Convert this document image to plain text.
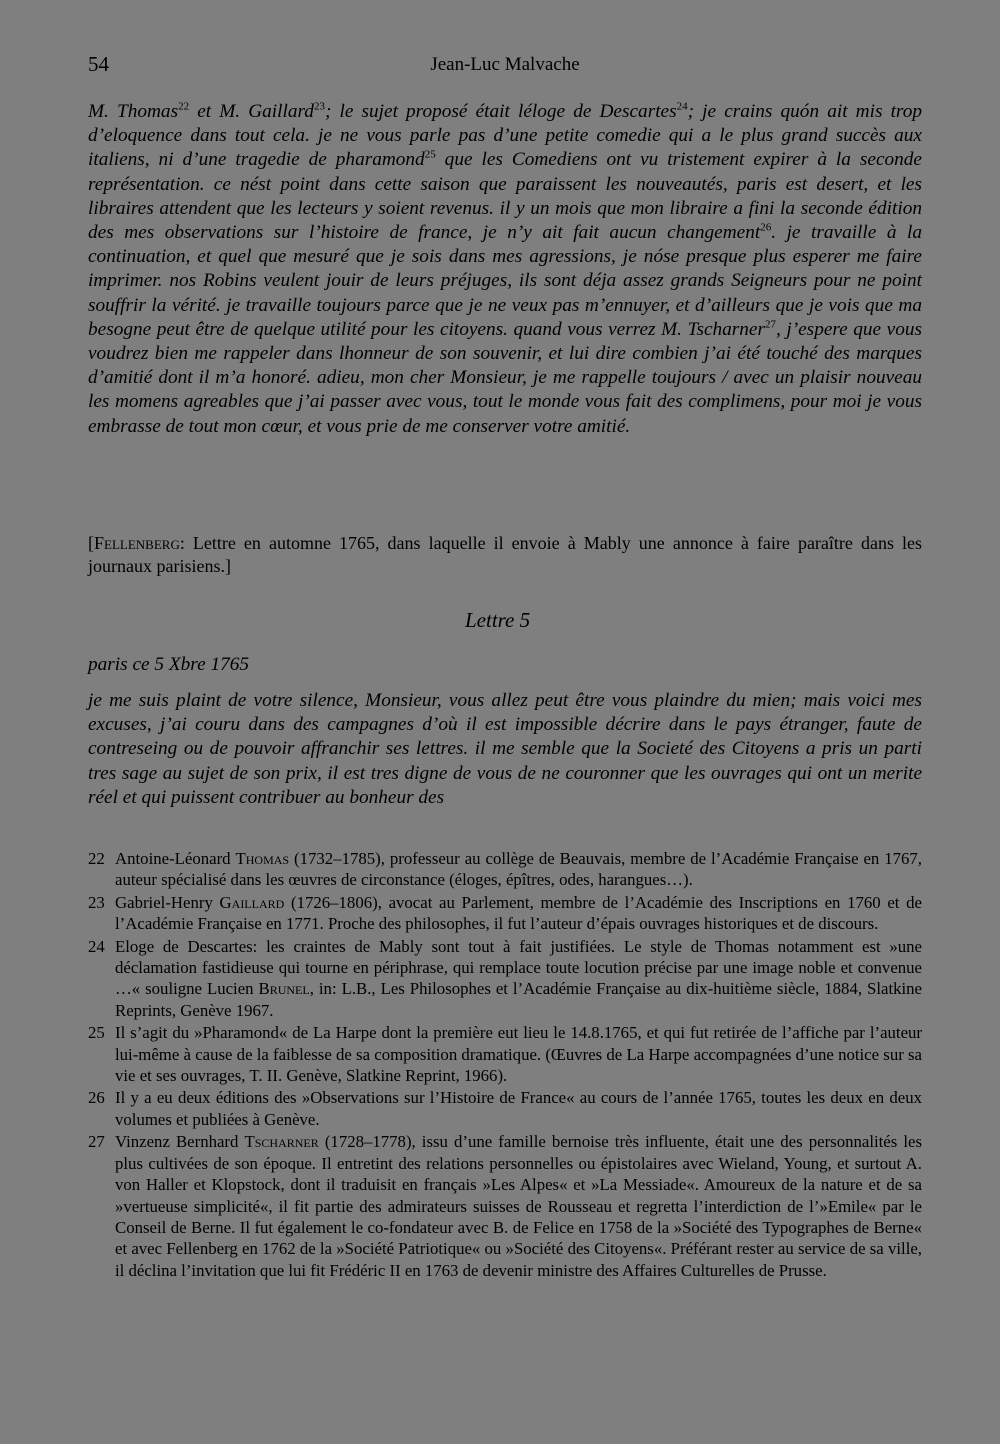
54	Jean-Luc Malvache

M. Thomas$^{22}$ et M. Gaillard$^{23}$; le sujet proposé était léloge de Descartes$^{24}$; je crains quón ait mis trop d’eloquence dans tout cela. je ne vous parle pas d’une petite comedie qui a le plus grand succès aux italiens, ni d’une tragedie de pharamond$^{25}$ que les Comediens ont vu tristement expirer à la seconde représentation. ce nést point dans cette saison que paraissent les nouveautés, paris est desert, et les libraires attendent que les lecteurs y soient revenus. il y un mois que mon libraire a fini la seconde édition des mes observations sur l’histoire de france, je n’y ait fait aucun changement$^{26}$. je travaille à la continuation, et quel que mesuré que je sois dans mes agressions, je nóse presque plus esperer me faire imprimer. nos Robins veulent jouir de leurs préjuges, ils sont déja assez grands Seigneurs pour ne point souffrir la vérité. je travaille toujours parce que je ne veux pas m’ennuyer, et d’ailleurs que je vois que ma besogne peut être de quelque utilité pour les citoyens. quand vous verrez M. Tscharner$^{27}$, j’espere que vous voudrez bien me rappeler dans lhonneur de son souvenir, et lui dire combien j’ai été touché des marques d’amitié dont il m’a honoré. adieu, mon cher Monsieur, je me rappelle toujours / avec un plaisir nouveau les momens agreables que j’ai passer avec vous, tout le monde vous fait des complimens, pour moi je vous embrasse de tout mon cœur, et vous prie de me conserver votre amitié.

[Fellenberg: Lettre en automne 1765, dans laquelle il envoie à Mably une annonce à faire paraître dans les journaux parisiens.]

Lettre 5

paris ce 5 Xbre 1765

je me suis plaint de votre silence, Monsieur, vous allez peut être vous plaindre du mien; mais voici mes excuses, j’ai couru dans des campagnes d’où il est impossible décrire dans le pays étranger, faute de contreseing ou de pouvoir affranchir ses lettres. il me semble que la Societé des Citoyens a pris un parti tres sage au sujet de son prix, il est tres digne de vous de ne couronner que les ouvrages qui ont un merite réel et qui puissent contribuer au bonheur des

22 Antoine-Léonard Thomas (1732–1785), professeur au collège de Beauvais, membre de l’Académie Française en 1767, auteur spécialisé dans les œuvres de circonstance (éloges, épîtres, odes, harangues…).
23 Gabriel-Henry Gaillard (1726–1806), avocat au Parlement, membre de l’Académie des Inscriptions en 1760 et de l’Académie Française en 1771. Proche des philosophes, il fut l’auteur d’épais ouvrages historiques et de discours.
24 Eloge de Descartes: les craintes de Mably sont tout à fait justifiées. Le style de Thomas notamment est »une déclamation fastidieuse qui tourne en périphrase, qui remplace toute locution précise par une image noble et convenue …« souligne Lucien Brunel, in: L.B., Les Philosophes et l’Académie Française au dix-huitième siècle, 1884, Slatkine Reprints, Genève 1967.
25 Il s’agit du »Pharamond« de La Harpe dont la première eut lieu le 14.8.1765, et qui fut retirée de l’affiche par l’auteur lui-même à cause de la faiblesse de sa composition dramatique. (Œuvres de La Harpe accompagnées d’une notice sur sa vie et ses ouvrages, T. II. Genève, Slatkine Reprint, 1966).
26 Il y a eu deux éditions des »Observations sur l’Histoire de France« au cours de l’année 1765, toutes les deux en deux volumes et publiées à Genève.
27 Vinzenz Bernhard Tscharner (1728–1778), issu d’une famille bernoise très influente, était une des personnalités les plus cultivées de son époque. Il entretint des relations personnelles ou épistolaires avec Wieland, Young, et surtout A. von Haller et Klopstock, dont il traduisit en français »Les Alpes« et »La Messiade«. Amoureux de la nature et de sa »vertueuse simplicité«, il fit partie des admirateurs suisses de Rousseau et regretta l’interdiction de l’»Emile« par le Conseil de Berne. Il fut également le co-fondateur avec B. de Felice en 1758 de la »Société des Typographes de Berne« et avec Fellenberg en 1762 de la »Société Patriotique« ou »Société des Citoyens«. Préférant rester au service de sa ville, il déclina l’invitation que lui fit Frédéric II en 1763 de devenir ministre des Affaires Culturelles de Prusse.
